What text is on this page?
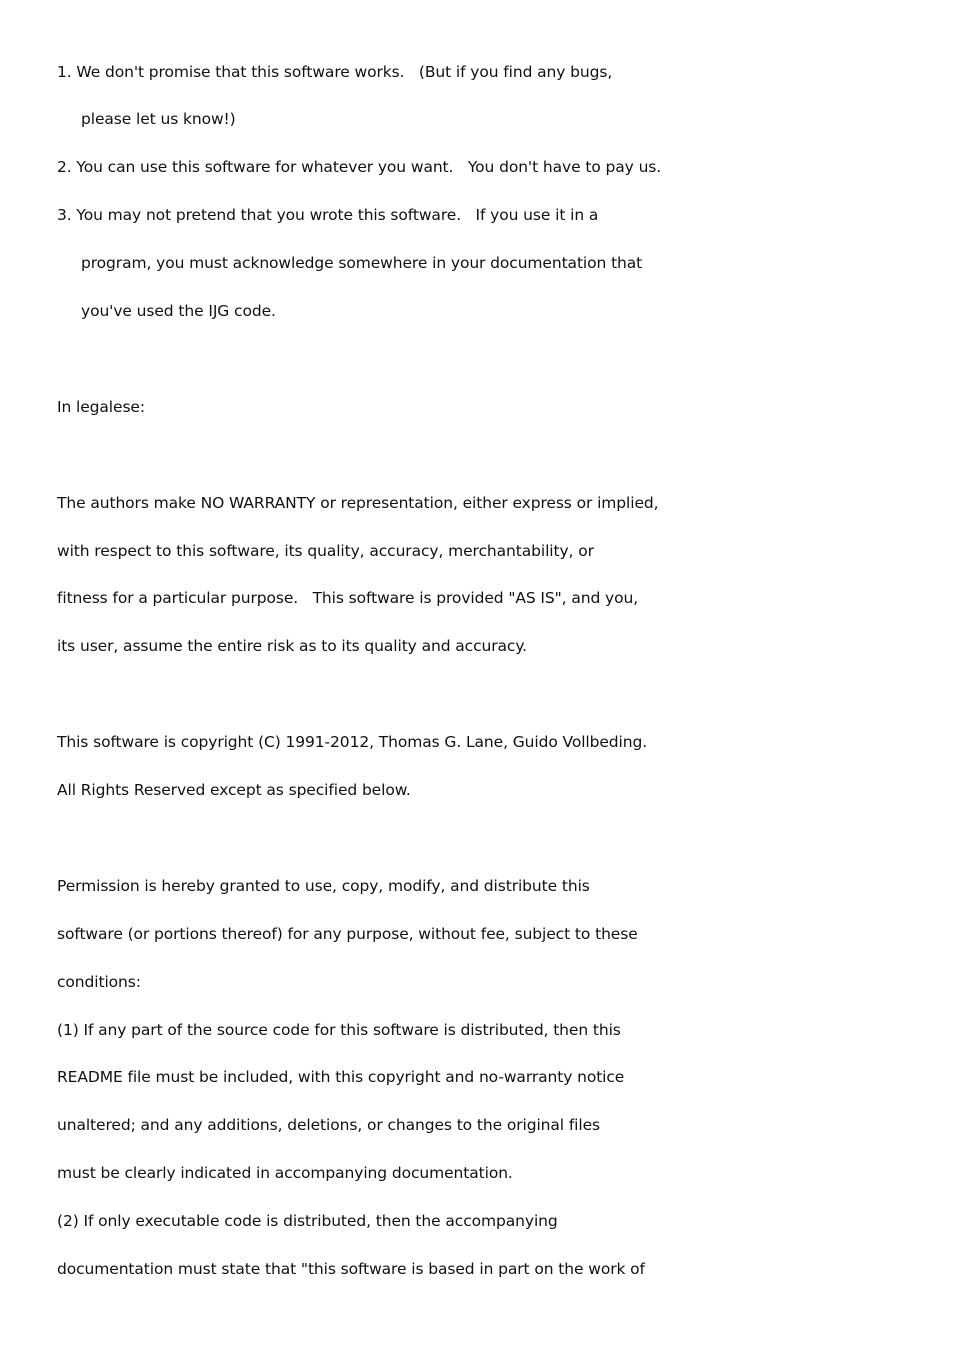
1. We don't promise that this software works.   (But if you find any bugs,
please let us know!)
2. You can use this software for whatever you want.   You don't have to pay us.
3. You may not pretend that you wrote this software.   If you use it in a
program, you must acknowledge somewhere in your documentation that
you've used the IJG code.
In legalese:
The authors make NO WARRANTY or representation, either express or implied,
with respect to this software, its quality, accuracy, merchantability, or
fitness for a particular purpose.   This software is provided "AS IS", and you,
its user, assume the entire risk as to its quality and accuracy.
This software is copyright (C) 1991-2012, Thomas G. Lane, Guido Vollbeding.
All Rights Reserved except as specified below.
Permission is hereby granted to use, copy, modify, and distribute this
software (or portions thereof) for any purpose, without fee, subject to these
conditions:
(1) If any part of the source code for this software is distributed, then this
README file must be included, with this copyright and no-warranty notice
unaltered; and any additions, deletions, or changes to the original files
must be clearly indicated in accompanying documentation.
(2) If only executable code is distributed, then the accompanying
documentation must state that "this software is based in part on the work of
